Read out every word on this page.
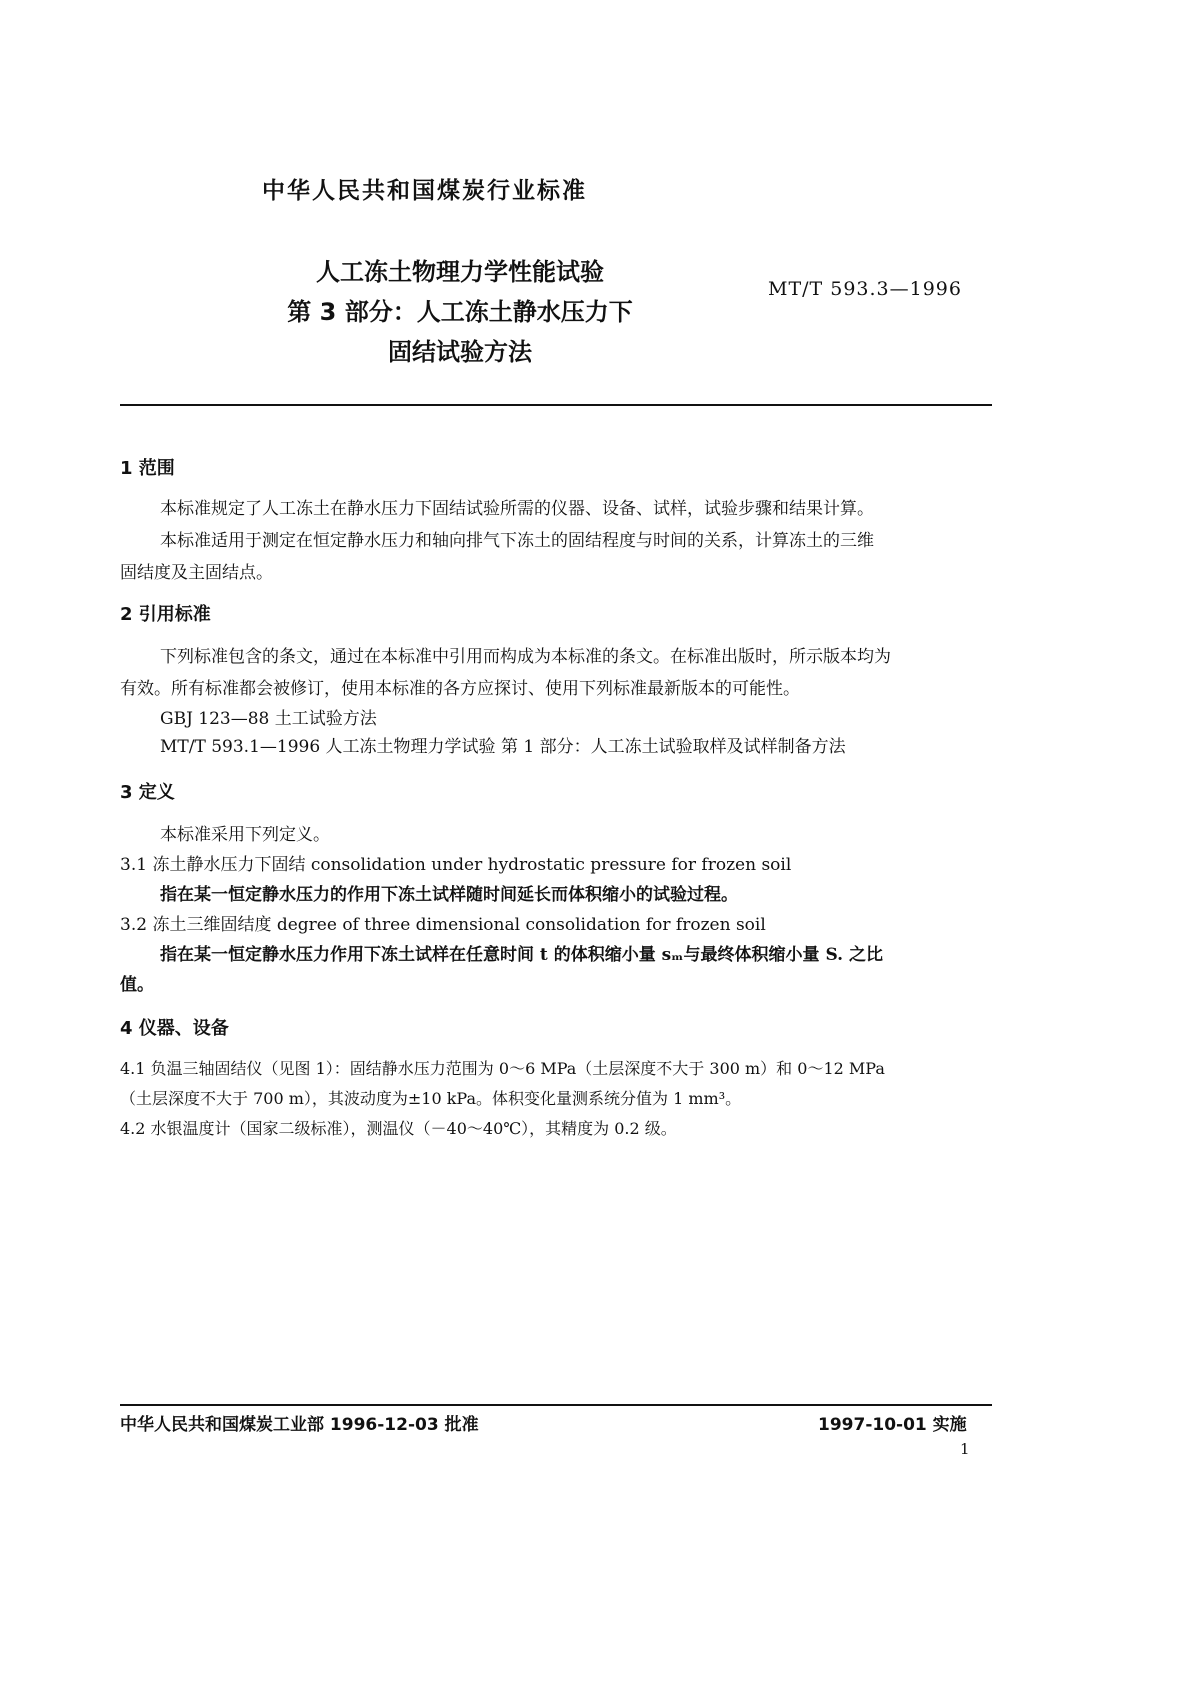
中华人民共和国煤炭行业标准
人工冻土物理力学性能试验
第 3 部分：人工冻土静水压力下
固结试验方法
MT/T 593.3—1996
1 范围
本标准规定了人工冻土在静水压力下固结试验所需的仪器、设备、试样，试验步骤和结果计算。
本标准适用于测定在恒定静水压力和轴向排气下冻土的固结程度与时间的关系，计算冻土的三维
固结度及主固结点。
2 引用标准
下列标准包含的条文，通过在本标准中引用而构成为本标准的条文。在标准出版时，所示版本均为
有效。所有标准都会被修订，使用本标准的各方应探讨、使用下列标准最新版本的可能性。
GBJ 123—88 土工试验方法
MT/T 593.1—1996 人工冻土物理力学试验 第 1 部分：人工冻土试验取样及试样制备方法
3 定义
本标准采用下列定义。
3.1 冻土静水压力下固结 consolidation under hydrostatic pressure for frozen soil
指在某一恒定静水压力的作用下冻土试样随时间延长而体积缩小的试验过程。
3.2 冻土三维固结度 degree of three dimensional consolidation for frozen soil
指在某一恒定静水压力作用下冻土试样在任意时间 t 的体积缩小量 sₘ与最终体积缩小量 S. 之比
值。
4 仪器、设备
4.1 负温三轴固结仪（见图 1）：固结静水压力范围为 0～6 MPa（土层深度不大于 300 m）和 0～12 MPa
（土层深度不大于 700 m），其波动度为±10 kPa。体积变化量测系统分值为 1 mm³。
4.2 水银温度计（国家二级标准），测温仪（－40～40℃），其精度为 0.2 级。
中华人民共和国煤炭工业部 1996-12-03 批准	1997-10-01 实施
1
